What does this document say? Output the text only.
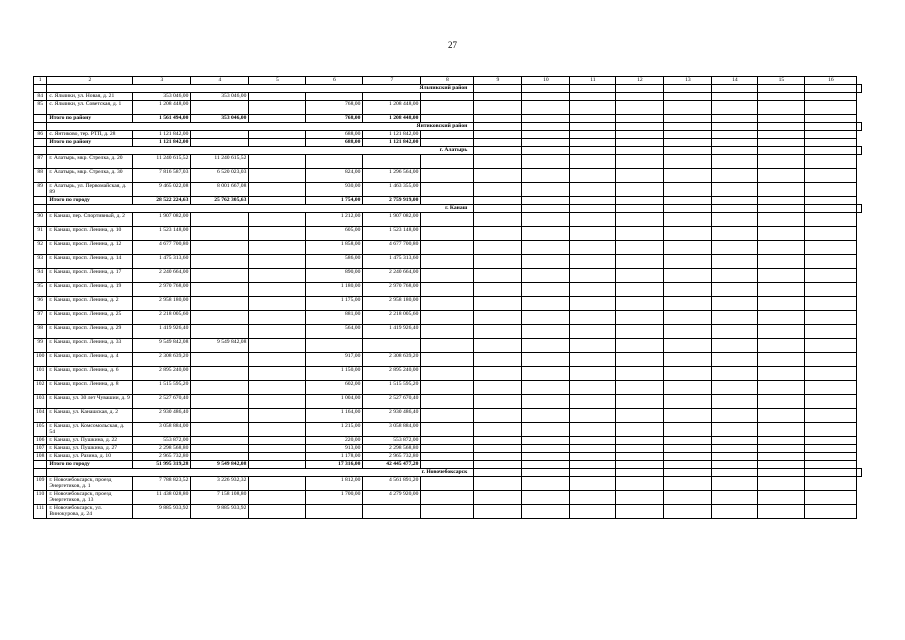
27
1	2	3	4	5	6	7	8	9	10	11	12	13	14	15	16	
	Яльчикский район															
84	с. Яльчики, ул. Новая, д. 21	353 046,00	353 046,00													
85	с. Яльчики, ул. Советская, д. 1	1 208 448,00			768,00	1 208 448,00										
	Итого по району	1 561 494,00	353 046,00		768,00	1 208 448,00										
	Янтиковский район															
86	с. Янтиково, тер. РТП, д. 28	1 121 842,00			688,00	1 121 842,00										
	Итого по району	1 121 842,00			688,00	1 121 842,00										
	г. Алатырь															
87	г. Алатырь, мкр. Стрелка, д. 20	11 240 615,52	11 240 615,52													
88	г. Алатырь, мкр. Стрелка, д. 30	7 816 587,03	6 520 023,03		824,00	1 296 564,00										
89	г. Алатырь, ул. Первомайская, д. 89	9 465 022,08	8 001 667,08		930,00	1 463 355,00										
	Итого по городу	28 522 224,63	25 762 305,63		1 754,00	2 759 919,00										
	г. Канаш															
90	г. Канаш, пер. Спортивный, д. 2	1 907 082,00			1 212,00	1 907 082,00										
91	г. Канаш, просп. Ленина, д. 10	1 523 148,00			605,00	1 523 148,00										
92	г. Канаш, просп. Ленина, д. 12	4 677 700,80			1 858,00	4 677 700,80										
93	г. Канаш, просп. Ленина, д. 14	1 475 313,60			586,00	1 475 313,60										
94	г. Канаш, просп. Ленина, д. 17	2 240 664,00			890,00	2 240 664,00										
95	г. Канаш, просп. Ленина, д. 19	2 970 768,00			1 180,00	2 970 768,00										
96	г. Канаш, просп. Ленина, д. 2	2 958 180,00			1 175,00	2 958 180,00										
97	г. Канаш, просп. Ленина, д. 25	2 218 005,60			881,00	2 218 005,60										
98	г. Канаш, просп. Ленина, д. 29	1 419 926,40			564,00	1 419 926,40										
99	г. Канаш, просп. Ленина, д. 33	9 549 842,08	9 549 842,08													
100	г. Канаш, просп. Ленина, д. 4	2 308 639,20			917,00	2 308 639,20										
101	г. Канаш, просп. Ленина, д. 6	2 895 240,00			1 150,00	2 895 240,00										
102	г. Канаш, просп. Ленина, д. 8	1 515 595,20			602,00	1 515 595,20										
103	г. Канаш, ул. 30 лет Чувашии, д. 9	2 527 670,40			1 004,00	2 527 670,40										
104	г. Канаш, ул. Канашская, д. 2	2 930 486,40			1 164,00	2 930 486,40										
105	г. Канаш, ул. Комсомольская, д. 54	3 058 884,00			1 215,00	3 058 884,00										
106	г. Канаш, ул. Пушкина, д. 22	553 872,00			220,00	553 872,00										
107	г. Канаш, ул. Пушкина, д. 27	2 298 568,80			913,00	2 298 568,80										
108	г. Канаш, ул. Разина, д. 10	2 965 732,80			1 178,00	2 965 732,80										
	Итого по городу	51 995 319,28	9 549 842,08		17 316,00	42 445 477,20										
	г. Новочебоксарск															
109	г. Новочебоксарск, проезд Энергетиков, д. 1	7 788 823,52	3 226 932,32		1 812,00	4 561 891,20										
110	г. Новочебоксарск, проезд Энергетиков, д. 13	11 438 028,80	7 158 108,80		1 700,00	4 279 920,00										
111	г. Новочебоксарск, ул. Винокурова, д. 24	9 885 933,92	9 885 933,92													
